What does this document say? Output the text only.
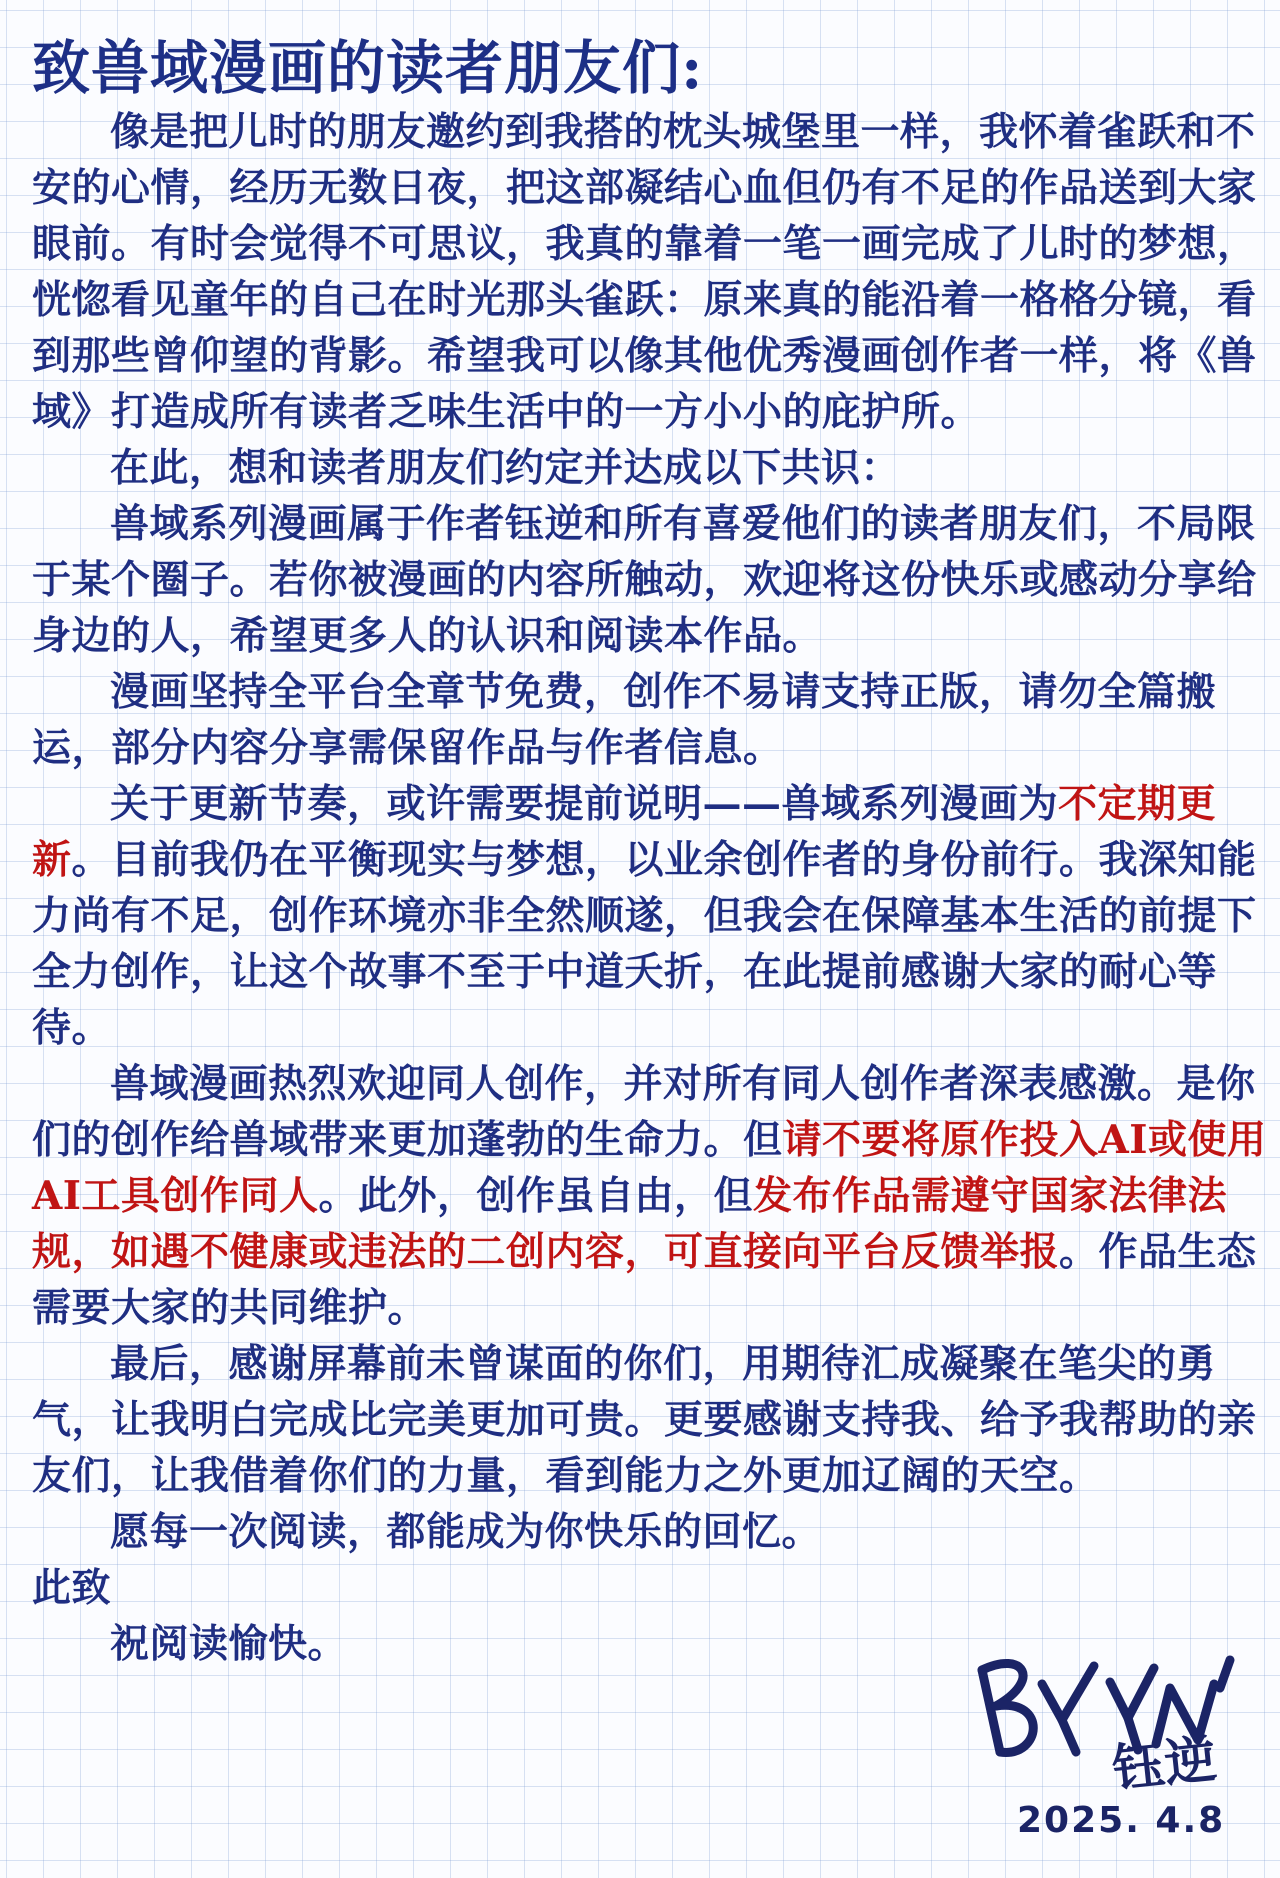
致兽域漫画的读者朋友们:

像是把儿时的朋友邀约到我搭的枕头城堡里一样，我怀着雀跃和不安的心情，经历无数日夜，把这部凝结心血但仍有不足的作品送到大家眼前。有时会觉得不可思议，我真的靠着一笔一画完成了儿时的梦想，恍惚看见童年的自己在时光那头雀跃：原来真的能沿着一格格分镜，看到那些曾仰望的背影。希望我可以像其他优秀漫画创作者一样，将《兽域》打造成所有读者乏味生活中的一方小小的庇护所。

在此，想和读者朋友们约定并达成以下共识：

兽域系列漫画属于作者钰逆和所有喜爱他们的读者朋友们，不局限于某个圈子。若你被漫画的内容所触动，欢迎将这份快乐或感动分享给身边的人，希望更多人的认识和阅读本作品。

漫画坚持全平台全章节免费，创作不易请支持正版，请勿全篇搬运，部分内容分享需保留作品与作者信息。

关于更新节奏，或许需要提前说明——兽域系列漫画为不定期更新。目前我仍在平衡现实与梦想，以业余创作者的身份前行。我深知能力尚有不足，创作环境亦非全然顺遂，但我会在保障基本生活的前提下全力创作，让这个故事不至于中道夭折，在此提前感谢大家的耐心等待。

兽域漫画热烈欢迎同人创作，并对所有同人创作者深表感激。是你们的创作给兽域带来更加蓬勃的生命力。但请不要将原作投入AI或使用AI工具创作同人。此外，创作虽自由，但发布作品需遵守国家法律法规，如遇不健康或违法的二创内容，可直接向平台反馈举报。作品生态需要大家的共同维护。

最后，感谢屏幕前未曾谋面的你们，用期待汇成凝聚在笔尖的勇气，让我明白完成比完美更加可贵。更要感谢支持我、给予我帮助的亲友们，让我借着你们的力量，看到能力之外更加辽阔的天空。

愿每一次阅读，都能成为你快乐的回忆。

此致

祝阅读愉快。

钰逆
2025. 4.8
